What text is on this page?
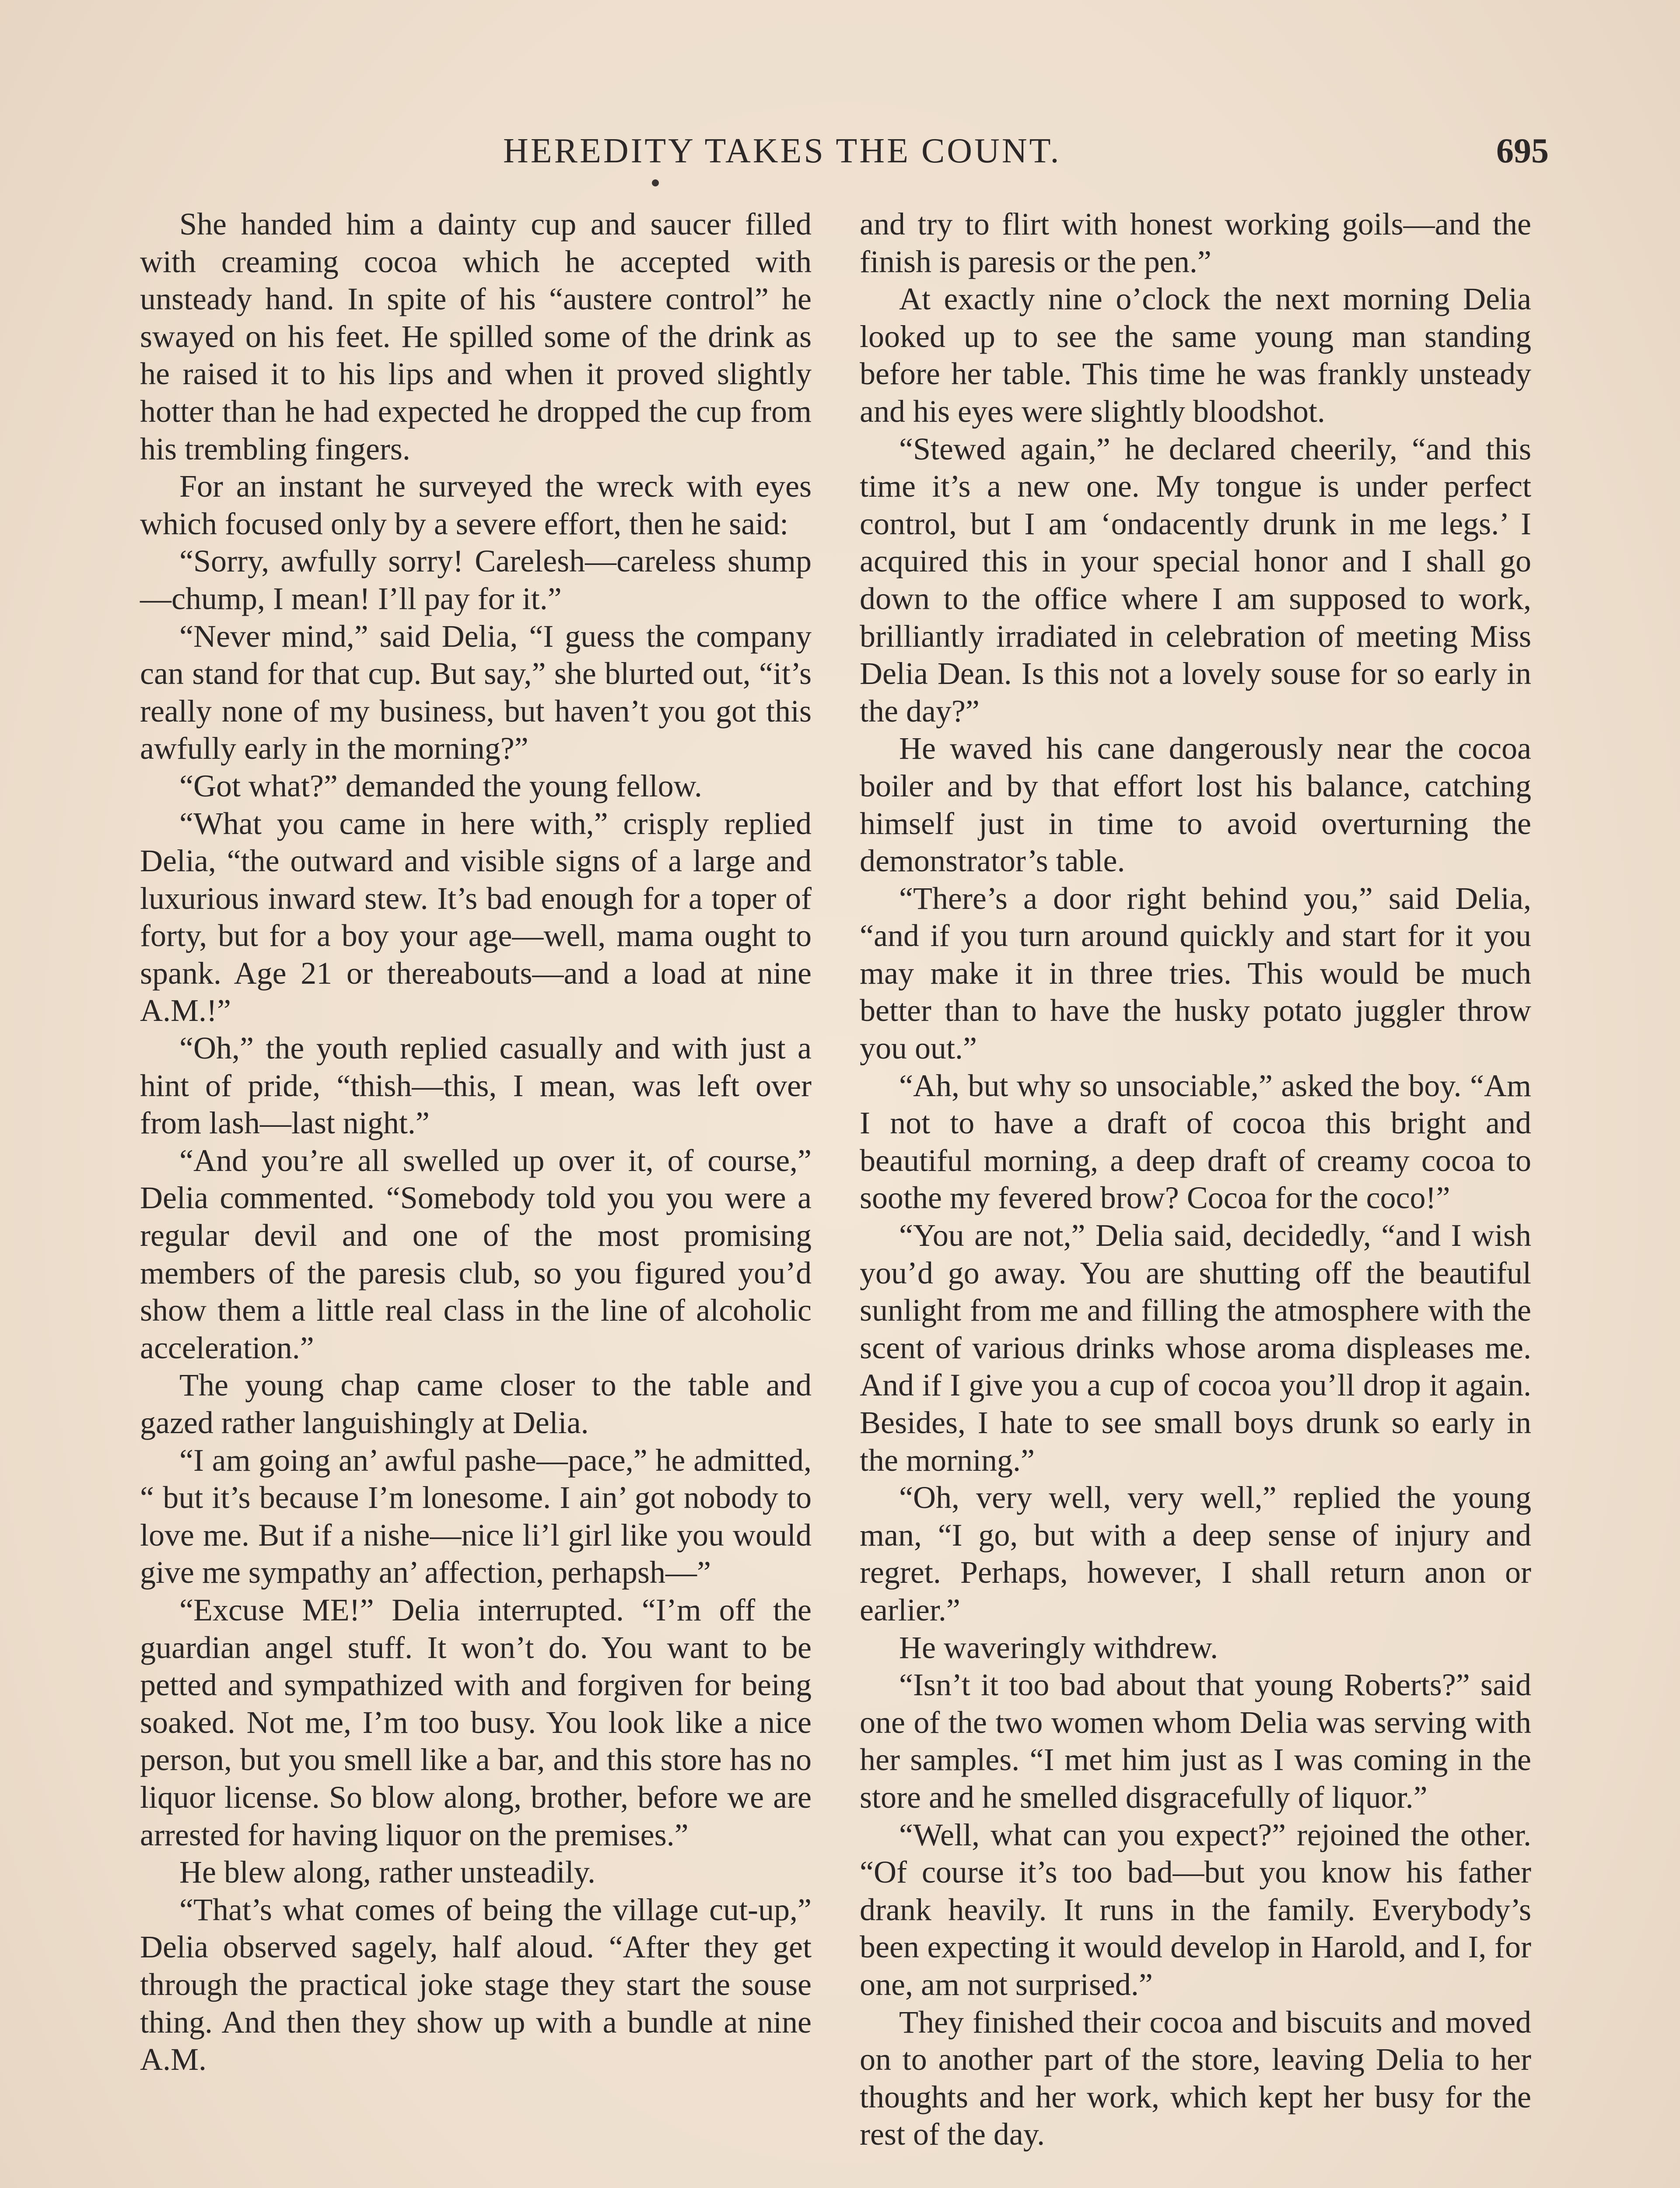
HEREDITY TAKES THE COUNT.	695

She handed him a dainty cup and saucer filled with creaming cocoa which he accepted with unsteady hand. In spite of his “austere control” he swayed on his feet. He spilled some of the drink as he raised it to his lips and when it proved slightly hotter than he had expected he dropped the cup from his trembling fingers.

For an instant he surveyed the wreck with eyes which focused only by a severe effort, then he said:

“Sorry, awfully sorry! Carelesh—careless shump—chump, I mean! I’ll pay for it.”

“Never mind,” said Delia, “I guess the company can stand for that cup. But say,” she blurted out, “it’s really none of my business, but haven’t you got this awfully early in the morning?”

“Got what?” demanded the young fellow.

“What you came in here with,” crisply replied Delia, “the outward and visible signs of a large and luxurious inward stew. It’s bad enough for a toper of forty, but for a boy your age—well, mama ought to spank. Age 21 or thereabouts—and a load at nine A.M.!”

“Oh,” the youth replied casually and with just a hint of pride, “thish—this, I mean, was left over from lash—last night.”

“And you’re all swelled up over it, of course,” Delia commented. “Somebody told you you were a regular devil and one of the most promising members of the paresis club, so you figured you’d show them a little real class in the line of alcoholic acceleration.”

The young chap came closer to the table and gazed rather languishingly at Delia.

“I am going an’ awful pashe—pace,” he admitted, “ but it’s because I’m lonesome. I ain’ got nobody to love me. But if a nishe—nice li’l girl like you would give me sympathy an’ affection, perhapsh—”

“Excuse ME!” Delia interrupted. “I’m off the guardian angel stuff. It won’t do. You want to be petted and sympathized with and forgiven for being soaked. Not me, I’m too busy. You look like a nice person, but you smell like a bar, and this store has no liquor license. So blow along, brother, before we are arrested for having liquor on the premises.”

He blew along, rather unsteadily.

“That’s what comes of being the village cut-up,” Delia observed sagely, half aloud. “After they get through the practical joke stage they start the souse thing. And then they show up with a bundle at nine A.M.

and try to flirt with honest working goils—and the finish is paresis or the pen.”

At exactly nine o’clock the next morning Delia looked up to see the same young man standing before her table. This time he was frankly unsteady and his eyes were slightly bloodshot.

“Stewed again,” he declared cheerily, “and this time it’s a new one. My tongue is under perfect control, but I am ‘ondacently drunk in me legs.’ I acquired this in your special honor and I shall go down to the office where I am supposed to work, brilliantly irradiated in celebration of meeting Miss Delia Dean. Is this not a lovely souse for so early in the day?”

He waved his cane dangerously near the cocoa boiler and by that effort lost his balance, catching himself just in time to avoid overturning the demonstrator’s table.

“There’s a door right behind you,” said Delia, “and if you turn around quickly and start for it you may make it in three tries. This would be much better than to have the husky potato juggler throw you out.”

“Ah, but why so unsociable,” asked the boy. “Am I not to have a draft of cocoa this bright and beautiful morning, a deep draft of creamy cocoa to soothe my fevered brow? Cocoa for the coco!”

“You are not,” Delia said, decidedly, “and I wish you’d go away. You are shutting off the beautiful sunlight from me and filling the atmosphere with the scent of various drinks whose aroma displeases me. And if I give you a cup of cocoa you’ll drop it again. Besides, I hate to see small boys drunk so early in the morning.”

“Oh, very well, very well,” replied the young man, “I go, but with a deep sense of injury and regret. Perhaps, however, I shall return anon or earlier.”

He waveringly withdrew.

“Isn’t it too bad about that young Roberts?” said one of the two women whom Delia was serving with her samples. “I met him just as I was coming in the store and he smelled disgracefully of liquor.”

“Well, what can you expect?” rejoined the other. “Of course it’s too bad—but you know his father drank heavily. It runs in the family. Everybody’s been expecting it would develop in Harold, and I, for one, am not surprised.”

They finished their cocoa and biscuits and moved on to another part of the store, leaving Delia to her thoughts and her work, which kept her busy for the rest of the day.
